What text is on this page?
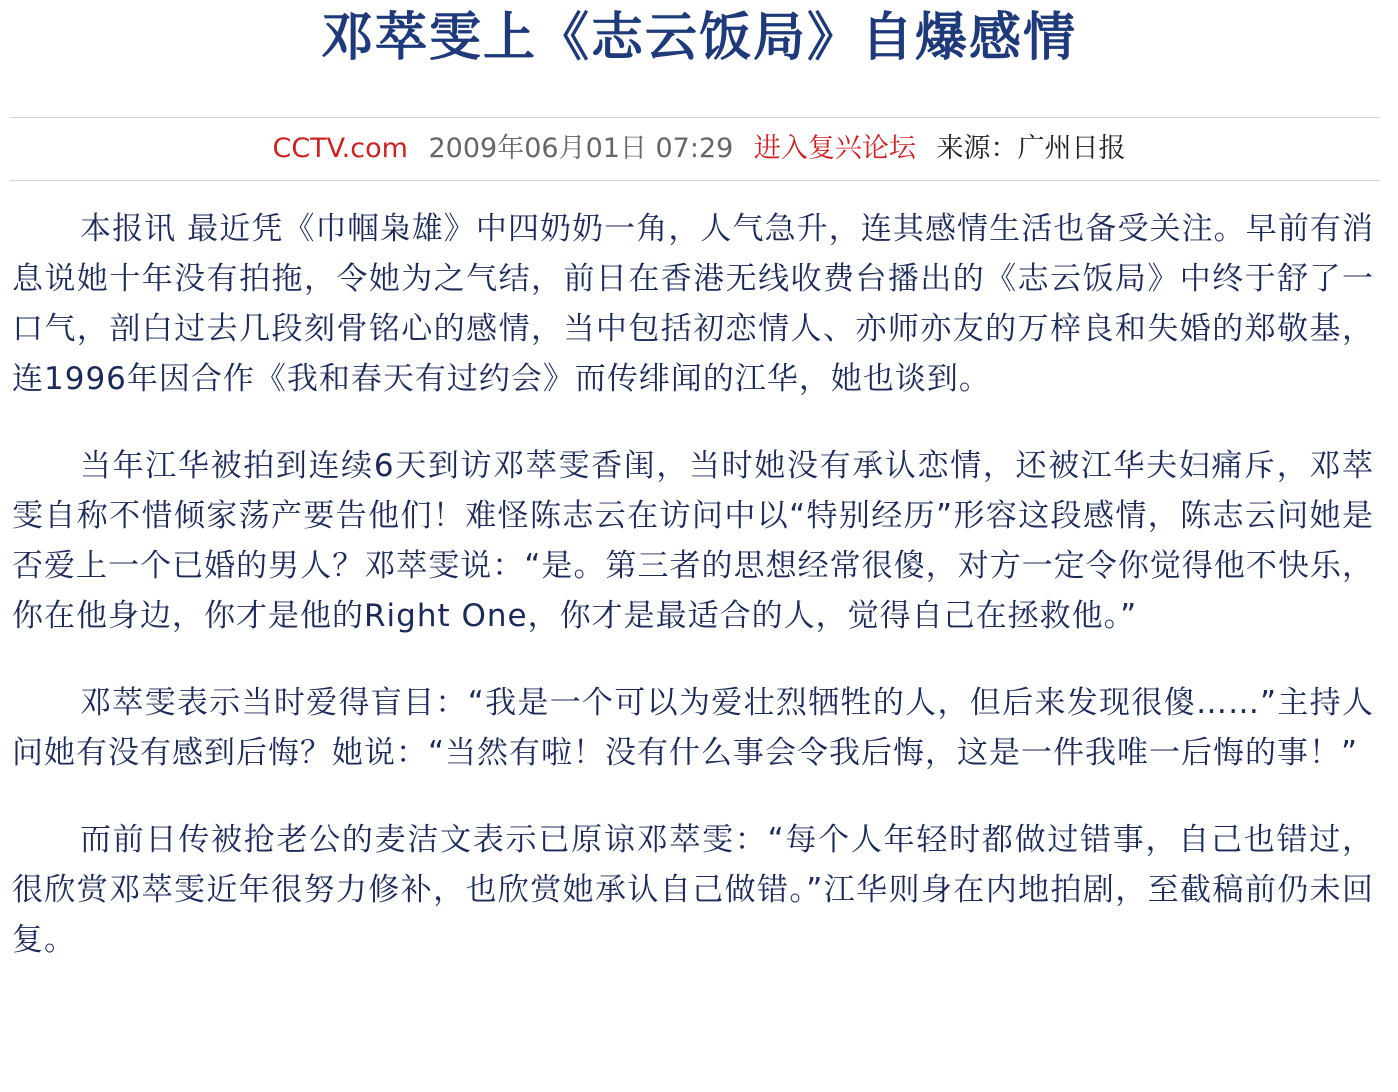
邓萃雯上《志云饭局》自爆感情
CCTV.com 2009年06月01日 07:29 进入复兴论坛 来源：广州日报

本报讯 最近凭《巾帼枭雄》中四奶奶一角，人气急升，连其感情生活也备受关注。早前有消息说她十年没有拍拖，令她为之气结，前日在香港无线收费台播出的《志云饭局》中终于舒了一口气，剖白过去几段刻骨铭心的感情，当中包括初恋情人、亦师亦友的万梓良和失婚的郑敬基，连1996年因合作《我和春天有过约会》而传绯闻的江华，她也谈到。

当年江华被拍到连续6天到访邓萃雯香闺，当时她没有承认恋情，还被江华夫妇痛斥，邓萃雯自称不惜倾家荡产要告他们！难怪陈志云在访问中以“特别经历”形容这段感情，陈志云问她是否爱上一个已婚的男人？邓萃雯说：“是。第三者的思想经常很傻，对方一定令你觉得他不快乐，你在他身边，你才是他的Right One，你才是最适合的人，觉得自己在拯救他。”

邓萃雯表示当时爱得盲目：“我是一个可以为爱壮烈牺牲的人，但后来发现很傻……”主持人问她有没有感到后悔？她说：“当然有啦！没有什么事会令我后悔，这是一件我唯一后悔的事！”

而前日传被抢老公的麦洁文表示已原谅邓萃雯：“每个人年轻时都做过错事，自己也错过，很欣赏邓萃雯近年很努力修补，也欣赏她承认自己做错。”江华则身在内地拍剧，至截稿前仍未回复。
